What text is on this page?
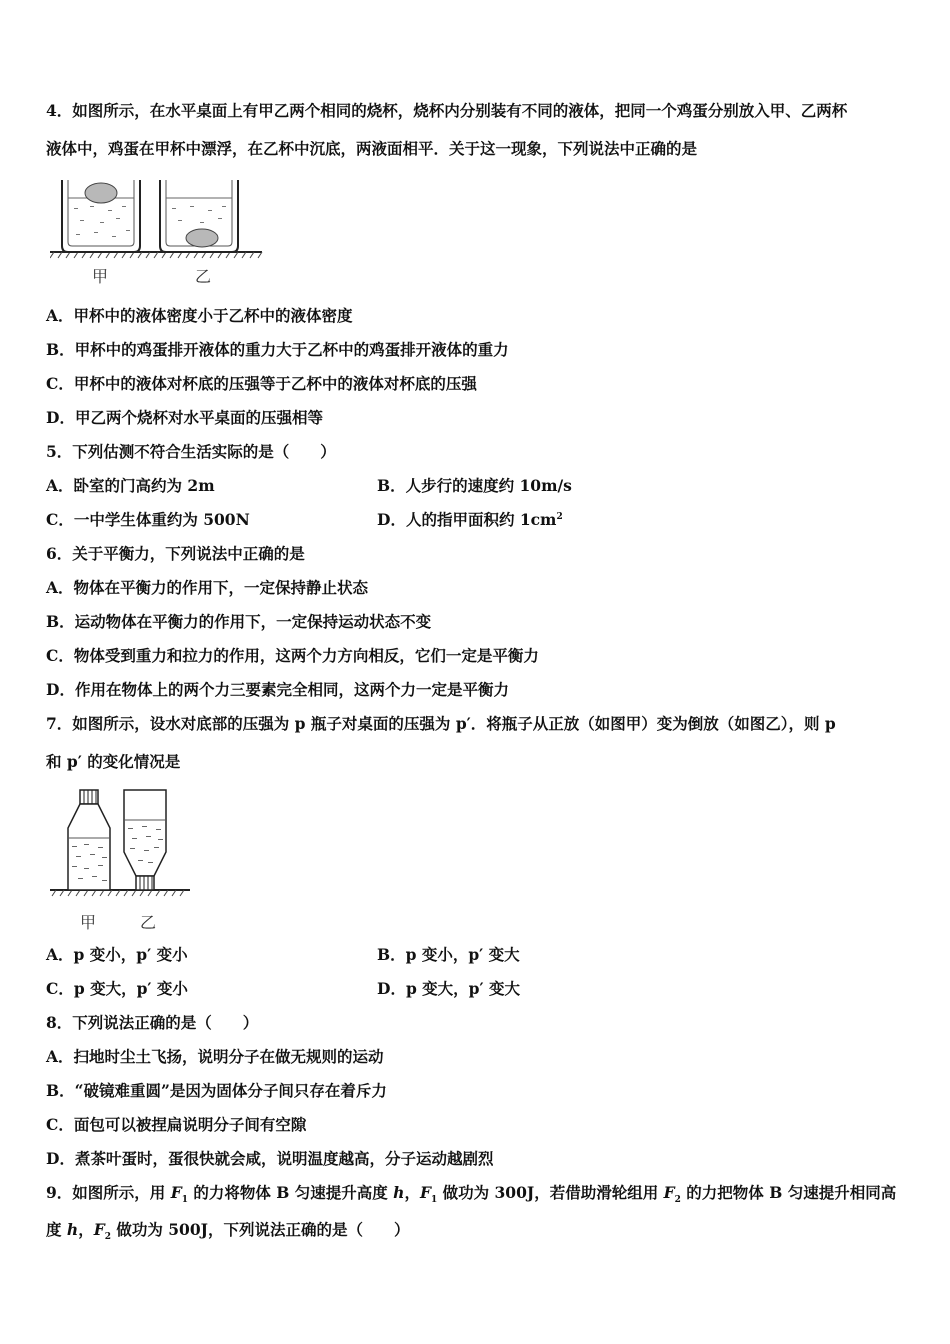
4．如图所示，在水平桌面上有甲乙两个相同的烧杯，烧杯内分别装有不同的液体，把同一个鸡蛋分别放入甲、乙两杯
液体中，鸡蛋在甲杯中漂浮，在乙杯中沉底，两液面相平．关于这一现象，下列说法中正确的是
甲	乙
A．甲杯中的液体密度小于乙杯中的液体密度
B．甲杯中的鸡蛋排开液体的重力大于乙杯中的鸡蛋排开液体的重力
C．甲杯中的液体对杯底的压强等于乙杯中的液体对杯底的压强
D．甲乙两个烧杯对水平桌面的压强相等
5．下列估测不符合生活实际的是（　　）
A．卧室的门高约为 2m	B．人步行的速度约 10m/s
C．一中学生体重约为 500N	D．人的指甲面积约 $1cm^2$
6．关于平衡力，下列说法中正确的是
A．物体在平衡力的作用下，一定保持静止状态
B．运动物体在平衡力的作用下，一定保持运动状态不变
C．物体受到重力和拉力的作用，这两个力方向相反，它们一定是平衡力
D．作用在物体上的两个力三要素完全相同，这两个力一定是平衡力
7．如图所示，设水对底部的压强为 p 瓶子对桌面的压强为 p′．将瓶子从正放（如图甲）变为倒放（如图乙），则 p
和 p′ 的变化情况是
甲	乙
A．p 变小，p′ 变小	B．p 变小，p′ 变大
C．p 变大，p′ 变小	D．p 变大，p′ 变大
8．下列说法正确的是（　　）
A．扫地时尘土飞扬，说明分子在做无规则的运动
B．“破镜难重圆”是因为固体分子间只存在着斥力
C．面包可以被捏扁说明分子间有空隙
D．煮茶叶蛋时，蛋很快就会咸，说明温度越高，分子运动越剧烈
9．如图所示，用 $F_1$ 的力将物体 B 匀速提升高度 h，$F_1$ 做功为 300J，若借助滑轮组用 $F_2$ 的力把物体 B 匀速提升相同高
度 h，$F_2$ 做功为 500J，下列说法正确的是（　　）
